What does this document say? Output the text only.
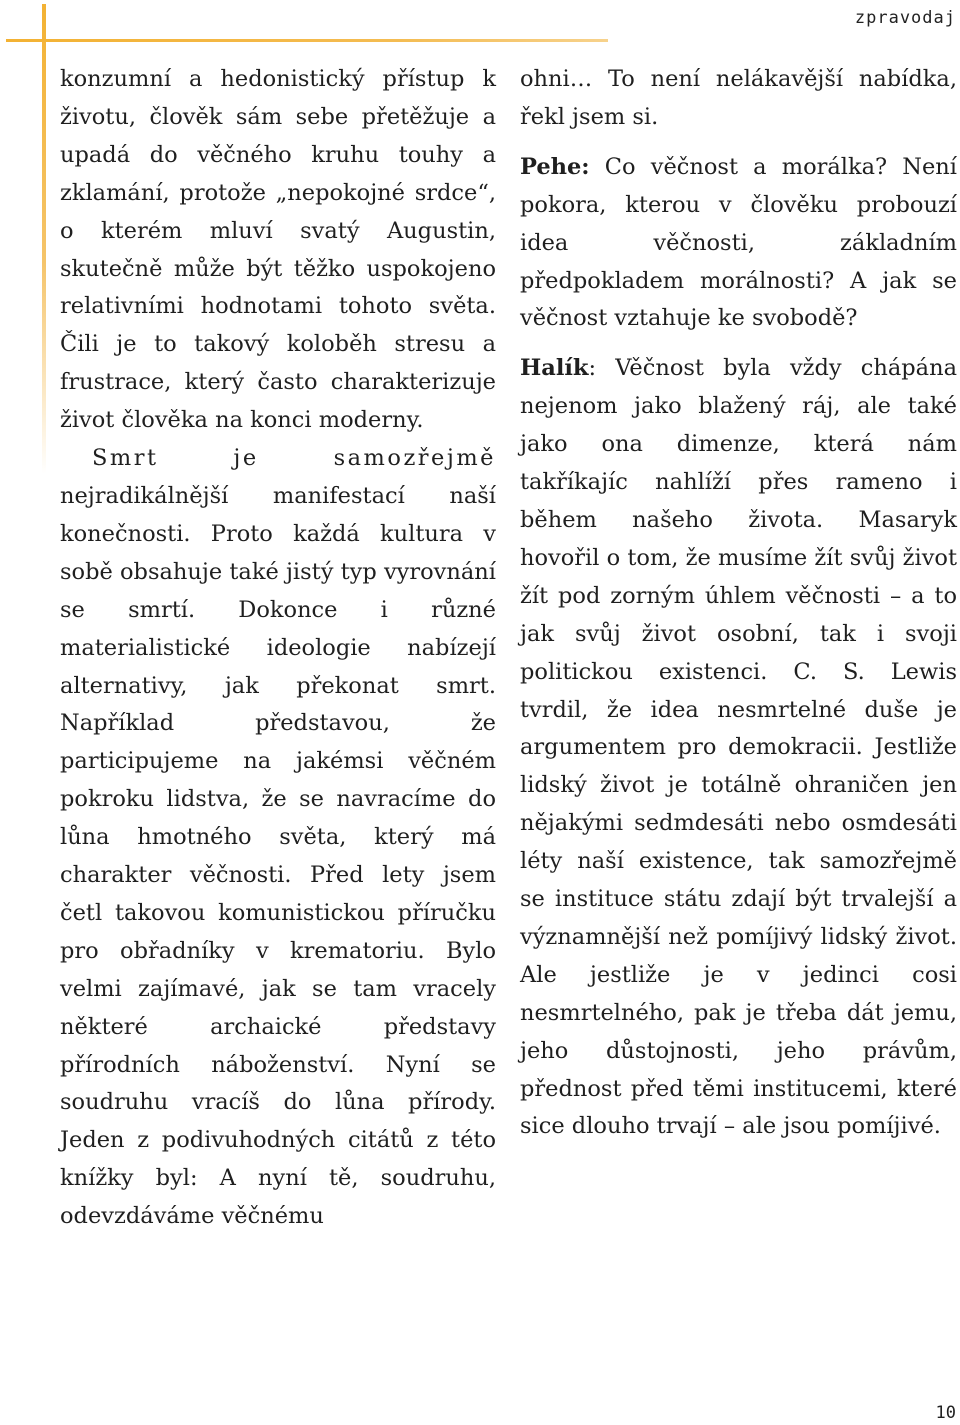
zpravodaj

konzumní a hedonistický přístup k životu, člověk sám sebe přetěžuje a upadá do věčného kruhu touhy a zklamání, protože „nepokojné srdce“, o kterém mluví svatý Augustin, skutečně může být těžko uspokojeno relativními hodnotami tohoto světa. Čili je to takový koloběh stresu a frustrace, který často charakterizuje život člověka na konci moderny.

Smrt je samozřejmě nejradikálnější manifestací naší konečnosti. Proto každá kultura v sobě obsahuje také jistý typ vyrovnání se smrtí. Dokonce i různé materialistické ideologie nabízejí alternativy, jak překonat smrt. Například představou, že participujeme na jakémsi věčném pokroku lidstva, že se navracíme do lůna hmotného světa, který má charakter věčnosti. Před lety jsem četl takovou komunistickou příručku pro obřadníky v krematoriu. Bylo velmi zajímavé, jak se tam vracely některé archaické představy přírodních náboženství. Nyní se soudruhu vracíš do lůna přírody. Jeden z podivuhodných citátů z této knížky byl: A nyní tě, soudruhu, odevzdáváme věčnému

ohni… To není nelákavější nabídka, řekl jsem si.

Pehe: Co věčnost a morálka? Není pokora, kterou v člověku probouzí idea věčnosti, základním předpokladem morálnosti? A jak se věčnost vztahuje ke svobodě?

Halík: Věčnost byla vždy chápána nejenom jako blažený ráj, ale také jako ona dimenze, která nám takříkajíc nahlíží přes rameno i během našeho života. Masaryk hovořil o tom, že musíme žít svůj život žít pod zorným úhlem věčnosti – a to jak svůj život osobní, tak i svoji politickou existenci. C. S. Lewis tvrdil, že idea nesmrtelné duše je argumentem pro demokracii. Jestliže lidský život je totálně ohraničen jen nějakými sedmdesáti nebo osmdesáti léty naší existence, tak samozřejmě se instituce státu zdají být trvalejší a významnější než pomíjivý lidský život. Ale jestliže je v jedinci cosi nesmrtelného, pak je třeba dát jemu, jeho důstojnosti, jeho právům, přednost před těmi institucemi, které sice dlouho trvají – ale jsou pomíjivé.

10
